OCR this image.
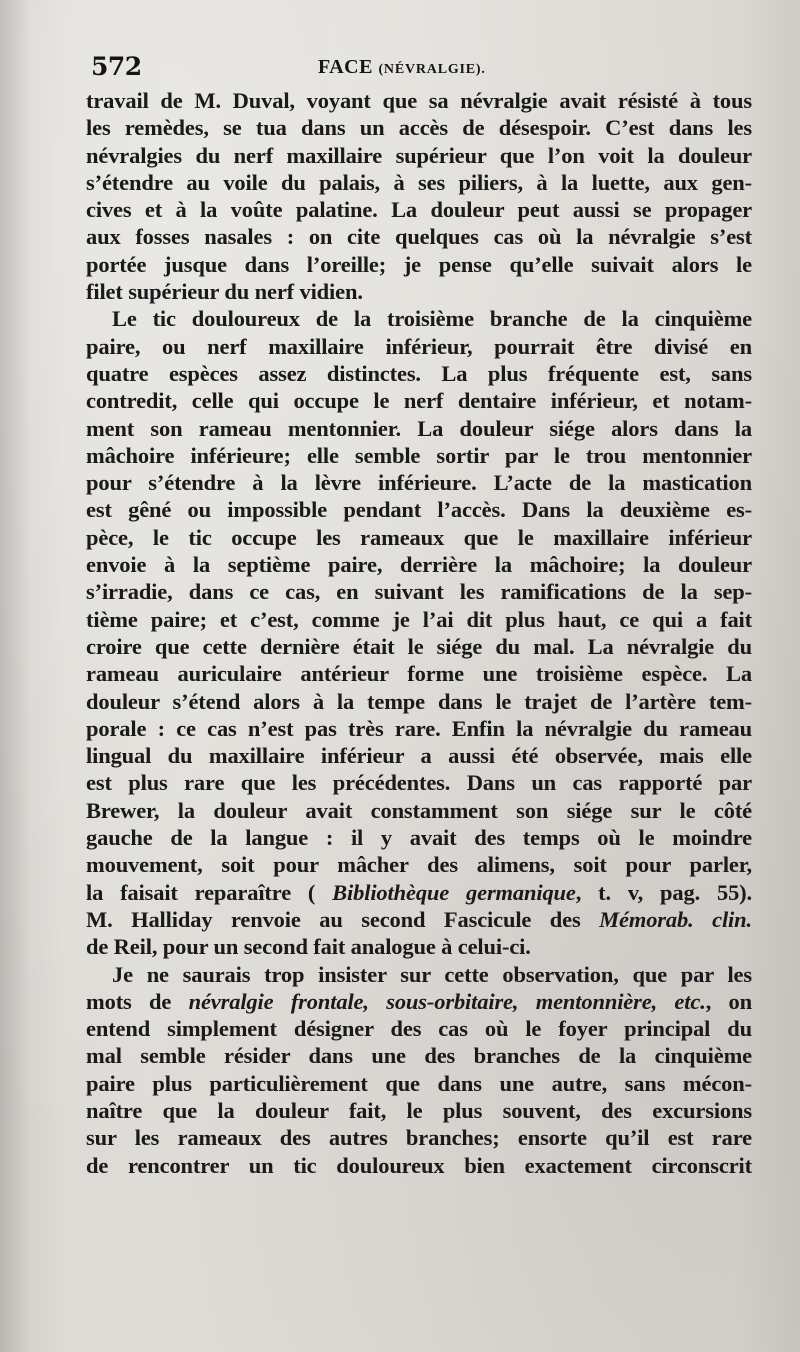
572	FACE (NÉVRALGIE).
travail de M. Duval, voyant que sa névralgie avait résisté à tous
les remèdes, se tua dans un accès de désespoir. C’est dans les
névralgies du nerf maxillaire supérieur que l’on voit la douleur
s’étendre au voile du palais, à ses piliers, à la luette, aux gen-
cives et à la voûte palatine. La douleur peut aussi se propager
aux fosses nasales : on cite quelques cas où la névralgie s’est
portée jusque dans l’oreille; je pense qu’elle suivait alors le
filet supérieur du nerf vidien.
Le tic douloureux de la troisième branche de la cinquième
paire, ou nerf maxillaire inférieur, pourrait être divisé en
quatre espèces assez distinctes. La plus fréquente est, sans
contredit, celle qui occupe le nerf dentaire inférieur, et notam-
ment son rameau mentonnier. La douleur siége alors dans la
mâchoire inférieure; elle semble sortir par le trou mentonnier
pour s’étendre à la lèvre inférieure. L’acte de la mastication
est gêné ou impossible pendant l’accès. Dans la deuxième es-
pèce, le tic occupe les rameaux que le maxillaire inférieur
envoie à la septième paire, derrière la mâchoire; la douleur
s’irradie, dans ce cas, en suivant les ramifications de la sep-
tième paire; et c’est, comme je l’ai dit plus haut, ce qui a fait
croire que cette dernière était le siége du mal. La névralgie du
rameau auriculaire antérieur forme une troisième espèce. La
douleur s’étend alors à la tempe dans le trajet de l’artère tem-
porale : ce cas n’est pas très rare. Enfin la névralgie du rameau
lingual du maxillaire inférieur a aussi été observée, mais elle
est plus rare que les précédentes. Dans un cas rapporté par
Brewer, la douleur avait constamment son siége sur le côté
gauche de la langue : il y avait des temps où le moindre
mouvement, soit pour mâcher des alimens, soit pour parler,
la faisait reparaître ( Bibliothèque germanique, t. v, pag. 55).
M. Halliday renvoie au second Fascicule des Mémorab. clin.
de Reil, pour un second fait analogue à celui-ci.
Je ne saurais trop insister sur cette observation, que par les
mots de névralgie frontale, sous-orbitaire, mentonnière, etc., on
entend simplement désigner des cas où le foyer principal du
mal semble résider dans une des branches de la cinquième
paire plus particulièrement que dans une autre, sans mécon-
naître que la douleur fait, le plus souvent, des excursions
sur les rameaux des autres branches; ensorte qu’il est rare
de rencontrer un tic douloureux bien exactement circonscrit
